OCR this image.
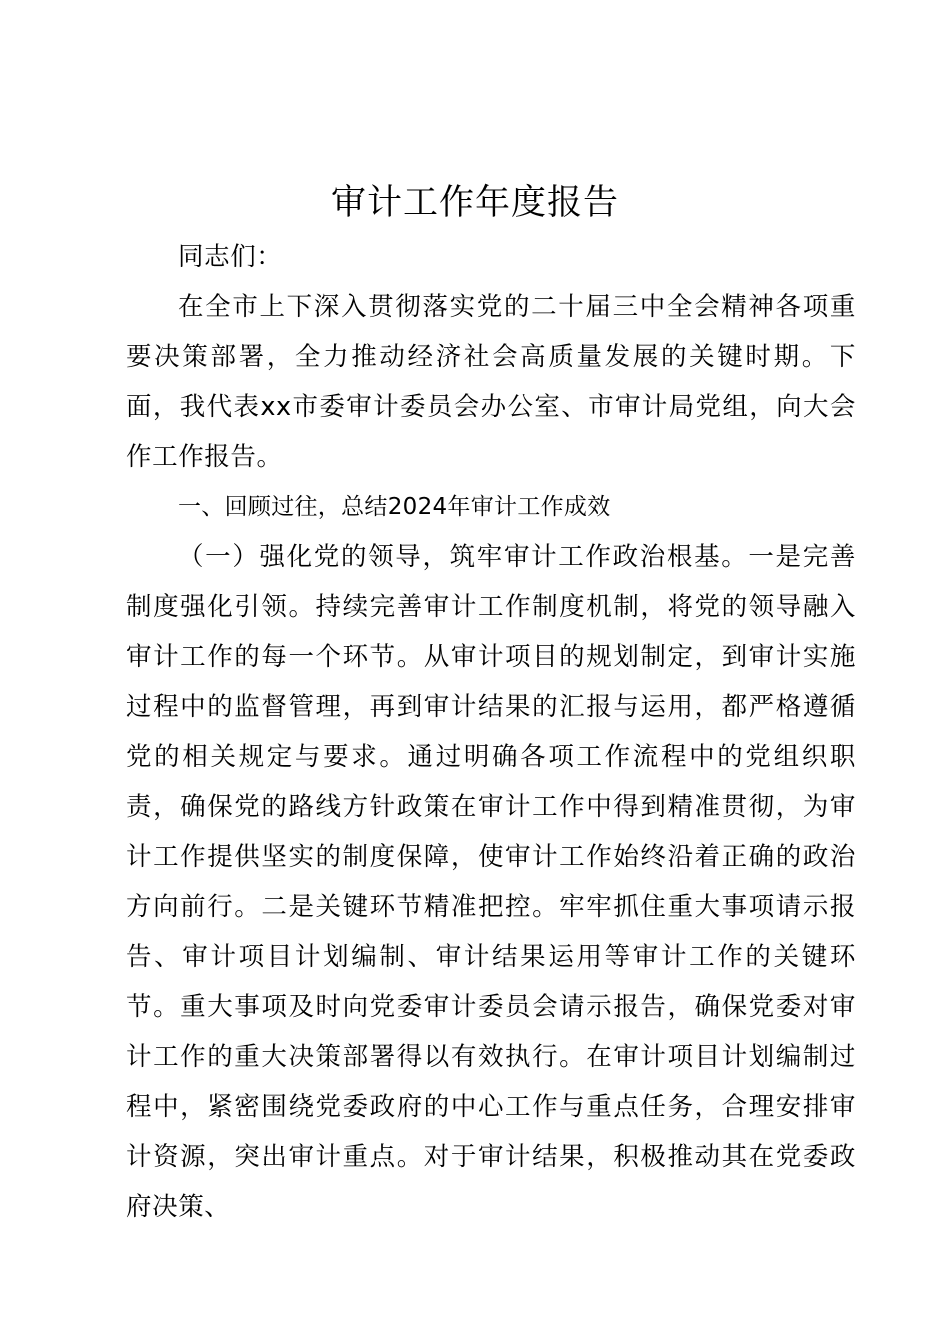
审计工作年度报告

同志们：

在全市上下深入贯彻落实党的二十届三中全会精神各项重要决策部署，全力推动经济社会高质量发展的关键时期。下面，我代表xx市委审计委员会办公室、市审计局党组，向大会作工作报告。

一、回顾过往，总结2024年审计工作成效

（一）强化党的领导，筑牢审计工作政治根基。一是完善制度强化引领。持续完善审计工作制度机制，将党的领导融入审计工作的每一个环节。从审计项目的规划制定，到审计实施过程中的监督管理，再到审计结果的汇报与运用，都严格遵循党的相关规定与要求。通过明确各项工作流程中的党组织职责，确保党的路线方针政策在审计工作中得到精准贯彻，为审计工作提供坚实的制度保障，使审计工作始终沿着正确的政治方向前行。二是关键环节精准把控。牢牢抓住重大事项请示报告、审计项目计划编制、审计结果运用等审计工作的关键环节。重大事项及时向党委审计委员会请示报告，确保党委对审计工作的重大决策部署得以有效执行。在审计项目计划编制过程中，紧密围绕党委政府的中心工作与重点任务，合理安排审计资源，突出审计重点。对于审计结果，积极推动其在党委政府决策、
